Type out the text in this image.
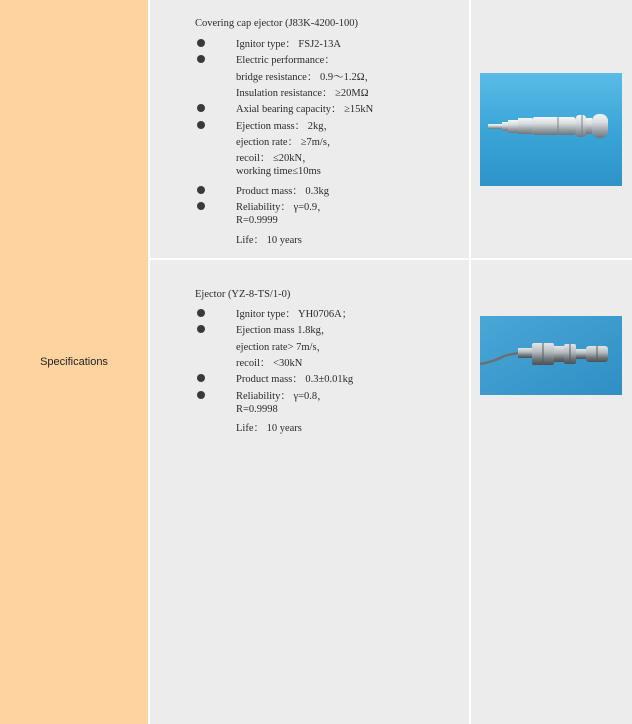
Specifications
Covering cap ejector (J83K-4200-100)
Ignitor type： FSJ2-13A
Electric performance：
bridge resistance： 0.9～1.2Ω，
Insulation resistance： ≥20MΩ
Axial bearing capacity： ≥15kN
Ejection mass： 2kg，
ejection rate： ≥7m/s，
recoil： ≤20kN，
working time≤10ms
Product mass： 0.3kg
Reliability： γ=0.9，
R=0.9999
Life： 10 years
Ejector (YZ-8-TS/1-0)
Ignitor type： YH0706A；
Ejection mass 1.8kg，
ejection rate> 7m/s，
recoil： <30kN
Product mass： 0.3±0.01kg
Reliability： γ=0.8，
R=0.9998
Life： 10 years
